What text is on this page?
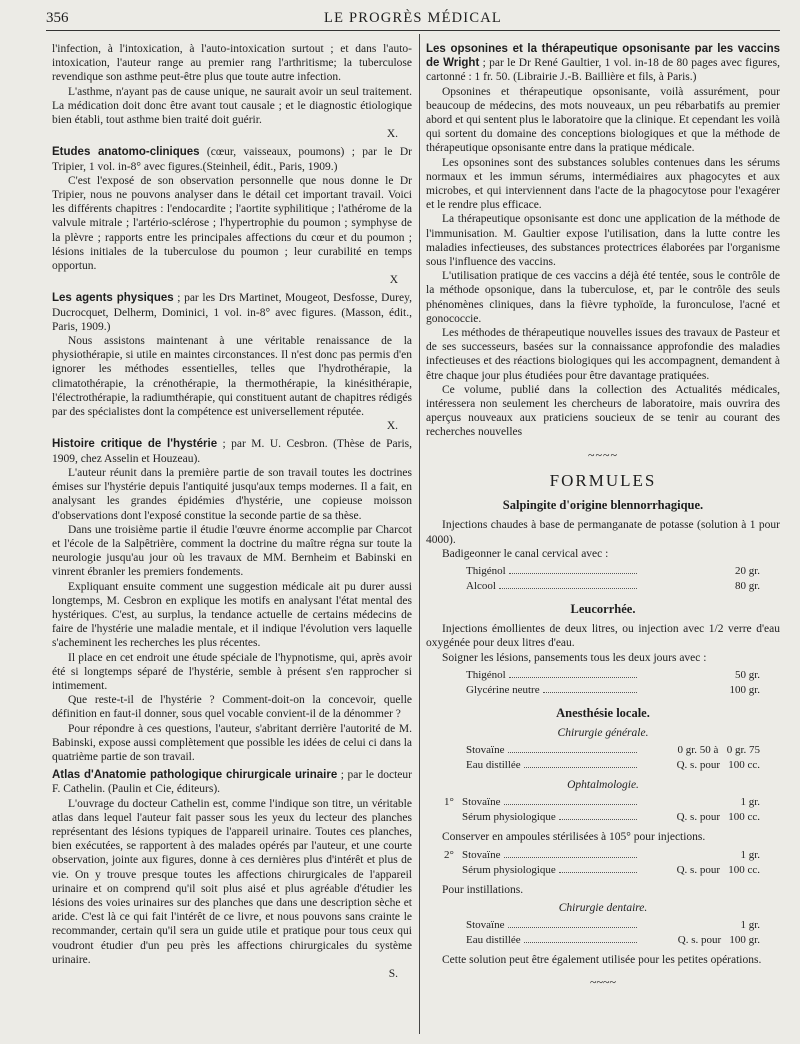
356	LE PROGRÈS MÉDICAL

l'infection, à l'intoxication, à l'auto-intoxication surtout ; et dans l'auto-intoxication, l'auteur range au premier rang l'arthritisme; la tuberculose revendique son asthme peut-être plus que toute autre infection.

L'asthme, n'ayant pas de cause unique, ne saurait avoir un seul traitement. La médication doit donc être avant tout causale ; et le diagnostic étiologique bien établi, tout asthme bien traité doit guérir.

X.

Etudes anatomo-cliniques (cœur, vaisseaux, poumons) ; par le Dr Tripier, 1 vol. in-8° avec figures.(Steinheil, édit., Paris, 1909.)

C'est l'exposé de son observation personnelle que nous donne le Dr Tripier, nous ne pouvons analyser dans le détail cet important travail. Voici les différents chapitres : l'endocardite ; l'aortite syphilitique ; l'athérome de la valvule mitrale ; l'artério-sclérose ; l'hypertrophie du poumon ; symphyse de la plèvre ; rapports entre les principales affections du cœur et du poumon ; lésions initiales de la tuberculose du poumon ; leur curabilité en temps opportun.

X

Les agents physiques ; par les Drs Martinet, Mougeot, Desfosse, Durey, Ducrocquet, Delherm, Dominici, 1 vol. in-8° avec figures. (Masson, édit., Paris, 1909.)

Nous assistons maintenant à une véritable renaissance de la physiothérapie, si utile en maintes circonstances. Il n'est donc pas permis d'en ignorer les méthodes essentielles, telles que l'hydrothérapie, la climatothérapie, la crénothérapie, la thermothérapie, la kinésithérapie, l'électrothérapie, la radiumthérapie, qui constituent autant de chapitres rédigés par des spécialistes dont la compétence est universellement réputée.

X.

Histoire critique de l'hystérie ; par M. U. Cesbron. (Thèse de Paris, 1909, chez Asselin et Houzeau).

L'auteur réunit dans la première partie de son travail toutes les doctrines émises sur l'hystérie depuis l'antiquité jusqu'aux temps modernes. Il a fait, en analysant les grandes épidémies d'hystérie, une copieuse moisson d'observations dont l'exposé constitue la seconde partie de sa thèse.

Dans une troisième partie il étudie l'œuvre énorme accomplie par Charcot et l'école de la Salpêtrière, comment la doctrine du maître régna sur toute la neurologie jusqu'au jour où les travaux de MM. Bernheim et Babinski en vinrent ébranler les premiers fondements.

Expliquant ensuite comment une suggestion médicale ait pu durer aussi longtemps, M. Cesbron en explique les motifs en analysant l'état mental des hystériques. C'est, au surplus, la tendance actuelle de certains médecins de faire de l'hystérie une maladie mentale, et il indique l'évolution vers laquelle s'acheminent les recherches les plus récentes.

Il place en cet endroit une étude spéciale de l'hypnotisme, qui, après avoir été si longtemps séparé de l'hystérie, semble à présent s'en rapprocher si intimement.

Que reste-t-il de l'hystérie ? Comment-doit-on la concevoir, quelle définition en faut-il donner, sous quel vocable convient-il de la dénommer ?

Pour répondre à ces questions, l'auteur, s'abritant derrière l'autorité de M. Babinski, expose aussi complètement que possible les idées de celui ci dans la quatrième partie de son travail.

Atlas d'Anatomie pathologique chirurgicale urinaire ; par le docteur F. Cathelin. (Paulin et Cie, éditeurs).

L'ouvrage du docteur Cathelin est, comme l'indique son titre, un véritable atlas dans lequel l'auteur fait passer sous les yeux du lecteur des planches représentant des lésions typiques de l'appareil urinaire. Toutes ces planches, bien exécutées, se rapportent à des malades opérés par l'auteur, et une courte observation, jointe aux figures, donne à ces dernières plus d'intérêt et plus de vie. On y trouve presque toutes les affections chirurgicales de l'appareil urinaire et on comprend qu'il soit plus aisé et plus agréable d'étudier les lésions des voies urinaires sur des planches que dans une description sèche et aride. C'est là ce qui fait l'intérêt de ce livre, et nous pouvons sans crainte le recommander, certain qu'il sera un guide utile et pratique pour tous ceux qui voudront étudier d'un peu près les affections chirurgicales du système urinaire.

S.

Les opsonines et la thérapeutique opsonisante par les vaccins de Wright ; par le Dr René Gaultier, 1 vol. in-18 de 80 pages avec figures, cartonné : 1 fr. 50. (Librairie J.-B. Baillière et fils, à Paris.)

Opsonines et thérapeutique opsonisante, voilà assurément, pour beaucoup de médecins, des mots nouveaux, un peu rébarbatifs au premier abord et qui sentent plus le laboratoire que la clinique. Et cependant les voilà qui sortent du domaine des conceptions biologiques et que la méthode de thérapeutique opsonisante entre dans la pratique médicale.

Les opsonines sont des substances solubles contenues dans les sérums normaux et les immun sérums, intermédiaires aux phagocytes et aux microbes, et qui interviennent dans l'acte de la phagocytose pour l'exagérer et le rendre plus efficace.

La thérapeutique opsonisante est donc une application de la méthode de l'immunisation. M. Gaultier expose l'utilisation, dans la lutte contre les maladies infectieuses, des substances protectrices élaborées par l'organisme sous l'influence des vaccins.

L'utilisation pratique de ces vaccins a déjà été tentée, sous le contrôle de la méthode opsonique, dans la tuberculose, et, par le contrôle des seuls phénomènes cliniques, dans la fièvre typhoïde, la furonculose, l'acné et gonococcie.

Les méthodes de thérapeutique nouvelles issues des travaux de Pasteur et de ses successeurs, basées sur la connaissance approfondie des maladies infectieuses et des réactions biologiques qui les accompagnent, demandent à être chaque jour plus étudiées pour être davantage pratiquées.

Ce volume, publié dans la collection des Actualités médicales, intéressera non seulement les chercheurs de laboratoire, mais ouvrira des aperçus nouveaux aux praticiens soucieux de se tenir au courant des recherches nouvelles

~~~~
FORMULES
Salpingite d'origine blennorrhagique.

Injections chaudes à base de permanganate de potasse (solution à 1 pour 4000).

Badigeonner le canal cervical avec :

Thigénol	20 gr.
Alcool	80 gr.
Leucorrhée.

Injections émollientes de deux litres, ou injection avec 1/2 verre d'eau oxygénée pour deux litres d'eau.

Soigner les lésions, pansements tous les deux jours avec :

Thigénol	50 gr.
Glycérine neutre	100 gr.
Anesthésie locale.
Chirurgie générale.
Stovaïne	0 gr. 50 à   0 gr. 75
Eau distillée	Q. s. pour   100 cc.
Ophtalmologie.
1° Stovaïne	1 gr.
Sérum physiologique	Q. s. pour   100 cc.

Conserver en ampoules stérilisées à 105° pour injections.

2° Stovaïne	1 gr.
Sérum physiologique	Q. s. pour   100 cc.

Pour instillations.

Chirurgie dentaire.
Stovaïne	1 gr.
Eau distillée	Q. s. pour   100 gr.

Cette solution peut être également utilisée pour les petites opérations.

~~~~
